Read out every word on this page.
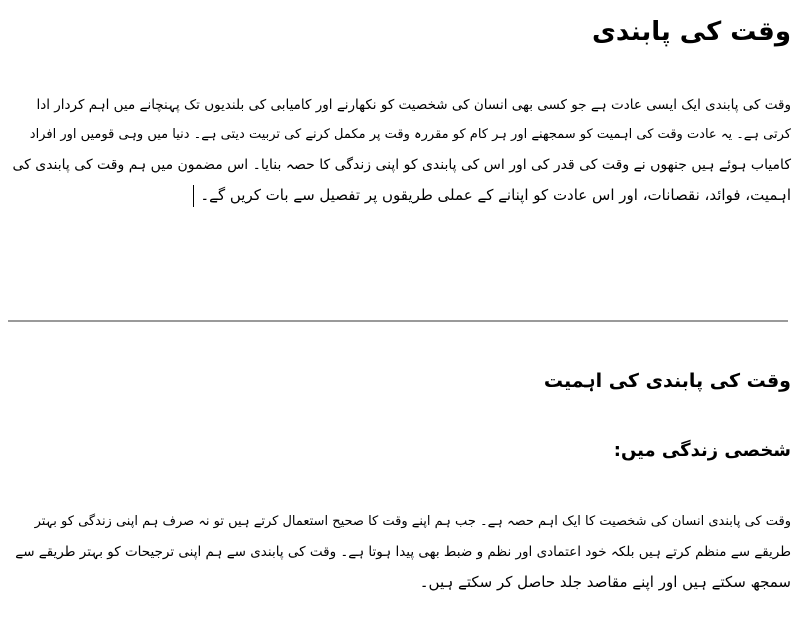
وقت کی پابندی
وقت کی پابندی ایک ایسی عادت ہے جو کسی بھی انسان کی شخصیت کو نکھارنے اور کامیابی کی بلندیوں تک پہنچانے میں اہم کردار ادا
کرتی ہے۔ یہ عادت وقت کی اہمیت کو سمجھنے اور ہر کام کو مقررہ وقت پر مکمل کرنے کی تربیت دیتی ہے۔ دنیا میں وہی قومیں اور افراد
کامیاب ہوئے ہیں جنھوں نے وقت کی قدر کی اور اس کی پابندی کو اپنی زندگی کا حصہ بنایا۔ اس مضمون میں ہم وقت کی پابندی کی
اہمیت، فوائد، نقصانات، اور اس عادت کو اپنانے کے عملی طریقوں پر تفصیل سے بات کریں گے۔
وقت کی پابندی کی اہمیت
شخصی زندگی میں:
وقت کی پابندی انسان کی شخصیت کا ایک اہم حصہ ہے۔ جب ہم اپنے وقت کا صحیح استعمال کرتے ہیں تو نہ صرف ہم اپنی زندگی کو بہتر
طریقے سے منظم کرتے ہیں بلکہ خود اعتمادی اور نظم و ضبط بھی پیدا ہوتا ہے۔ وقت کی پابندی سے ہم اپنی ترجیحات کو بہتر طریقے سے
سمجھ سکتے ہیں اور اپنے مقاصد جلد حاصل کر سکتے ہیں۔
